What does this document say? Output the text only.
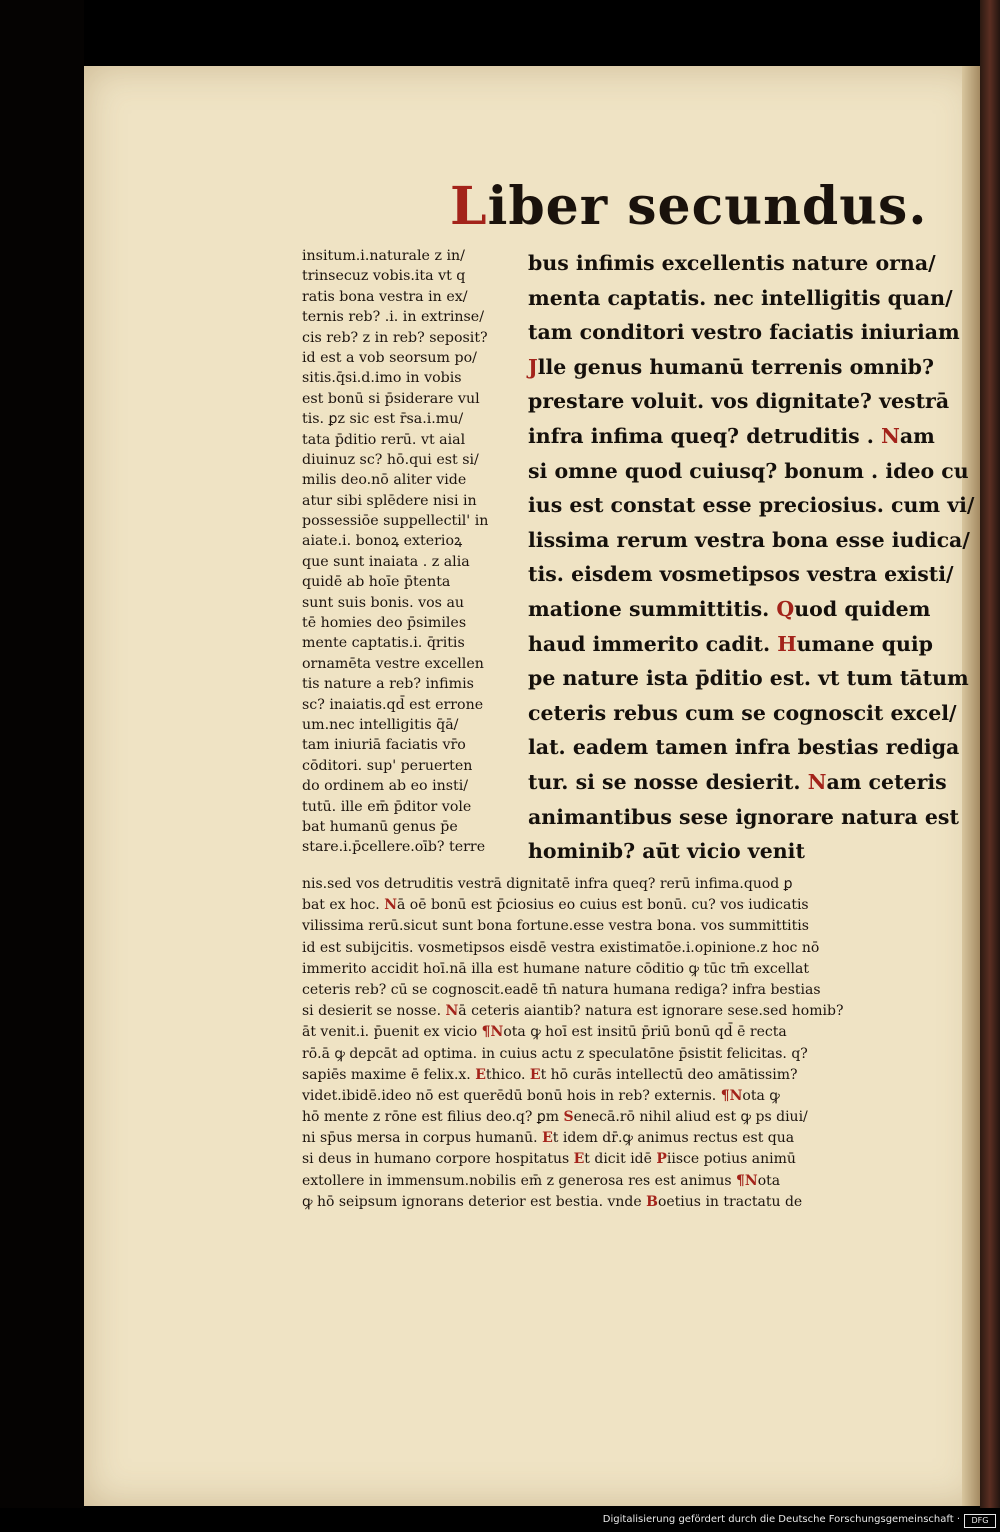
Liber secundus.
insitum.i.naturale z in/
trinsecuz vobis.ita vt q
ratis bona vestra in ex/
ternis reb? .i. in extrinse/
cis reb? z in reb? seposit?
id est a vob seorsum po/
sitis.q̄si.d.imo in vobis
est bonū si p̄siderare vul
tis. ꝑz sic est r̄sa.i.mu/
tata p̄ditio rerū. vt aial
diuinuz sc? hō.qui est si/
milis deo.nō aliter vide
atur sibi splēdere nisi in
possessiōe suppellectil' in
aiate.i. bonoꝝ exterioꝝ
que sunt inaiata . z alia
quidē ab hoīe p̄tenta
sunt suis bonis. vos au
tē homies deo p̄similes
mente captatis.i. q̄ritis
ornamēta vestre excellen
tis nature a reb? infimis
sc? inaiatis.qd̄ est errone
um.nec intelligitis q̄ā/
tam iniuriā faciatis vr̄o
cōditori. sup' peruerten
do ordinem ab eo insti/
tutū. ille em̄ p̄ditor vole
bat humanū genus p̄e
stare.i.p̄cellere.oīb? terre
bus infimis excellentis nature orna/
menta captatis. nec intelligitis quan/
tam conditori vestro faciatis iniuriam
Jlle genus humanū terrenis omnib?
prestare voluit. vos dignitate? vestrā
infra infima queq? detruditis . Nam
si omne quod cuiusq? bonum . ideo cu
ius est constat esse preciosius. cum vi/
lissima rerum vestra bona esse iudica/
tis. eisdem vosmetipsos vestra existi/
matione summittitis. Quod quidem
haud immerito cadit. Humane quip
pe nature ista p̄ditio est. vt tum tātum
ceteris rebus cum se cognoscit excel/
lat. eadem tamen infra bestias rediga
tur. si se nosse desierit. Nam ceteris
animantibus sese ignorare natura est
hominib? aūt vicio venit
nis.sed vos detruditis vestrā dignitatē infra queq? rerū infima.quod ꝑ
bat ex hoc. Nā oē bonū est p̄ciosius eo cuius est bonū. cu? vos iudicatis
vilissima rerū.sicut sunt bona fortune.esse vestra bona. vos summittitis
id est subijcitis. vosmetipsos eisdē vestra existimatōe.i.opinione.z hoc nō
immerito accidit hoī.nā illa est humane nature cōditio ꝙ tūc tm̄ excellat
ceteris reb? cū se cognoscit.eadē tn̄ natura humana rediga? infra bestias
si desierit se nosse. Nā ceteris aiantib? natura est ignorare sese.sed homib?
āt venit.i. p̄uenit ex vicio ¶Nota ꝙ hoī est insitū p̄riū bonū qd̄ ē recta
rō.ā ꝙ depcāt ad optima. in cuius actu z speculatōne p̄sistit felicitas. q?
sapiēs maxime ē felix.x. Ethico. Et hō curās intellectū deo amātissim?
videt.ibidē.ideo nō est querēdū bonū hois in reb? externis. ¶Nota ꝙ
hō mente z rōne est filius deo.q? ꝑm Senecā.rō nihil aliud est ꝙ ps diui/
ni sp̄us mersa in corpus humanū. Et idem dr̄.ꝙ animus rectus est qua
si deus in humano corpore hospitatus Et dicit idē Piisce potius animū
extollere in immensum.nobilis em̄ z generosa res est animus ¶Nota
ꝙ hō seipsum ignorans deterior est bestia. vnde Boetius in tractatu de
Digitalisierung gefördert durch die Deutsche Forschungsgemeinschaft ·	DFG
